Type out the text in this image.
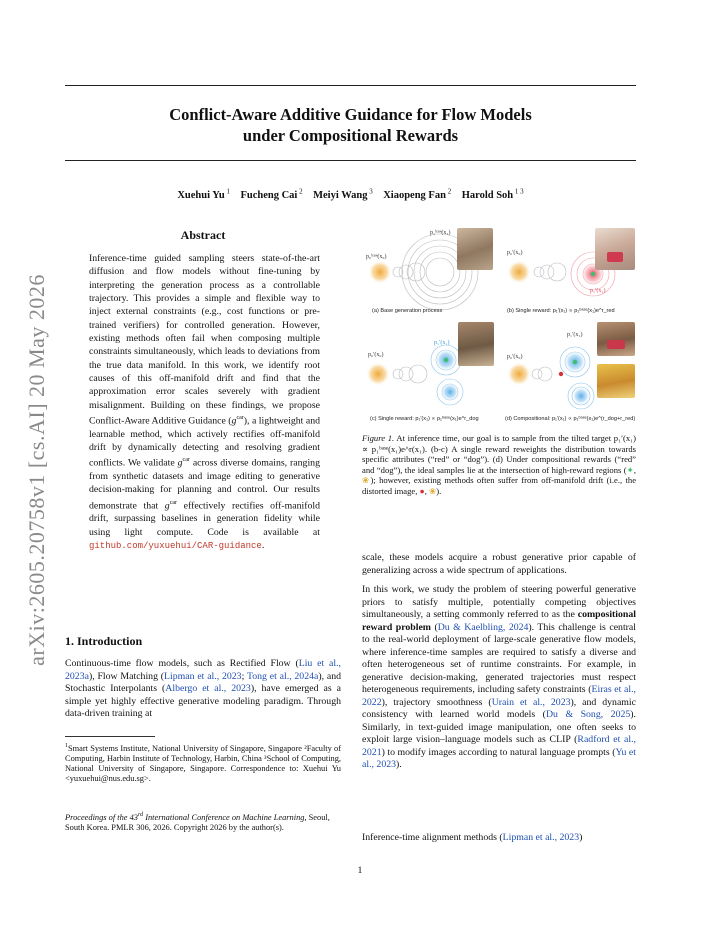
Conflict-Aware Additive Guidance for Flow Models
under Compositional Rewards
Xuehui Yu $^1$  Fucheng Cai $^2$  Meiyi Wang $^3$  Xiaopeng Fan $^2$  Harold Soh $^{1 3}$
arXiv:2605.20758v1 [cs.AI] 20 May 2026
Abstract
Inference-time guided sampling steers state-of-the-art diffusion and flow models without fine-tuning by interpreting the generation process as a controllable trajectory. This provides a simple and flexible way to inject external constraints (e.g., cost functions or pre-trained verifiers) for controlled generation. However, existing methods often fail when composing multiple constraints simultaneously, which leads to deviations from the true data manifold. In this work, we identify root causes of this off-manifold drift and find that the approximation error scales severely with gradient misalignment. Building on these findings, we propose Conflict-Aware Additive Guidance $(g^{car})$, a lightweight and learnable method, which actively rectifies off-manifold drift by dynamically detecting and resolving gradient conflicts. We validate $g^{car}$ across diverse domains, ranging from synthetic datasets and image editing to generative decision-making for planning and control. Our results demonstrate that $g^{car}$ effectively rectifies off-manifold drift, surpassing baselines in generation fidelity while using light compute. Code is available at github.com/yuxuehui/CAR-guidance.
1. Introduction
Continuous-time flow models, such as Rectified Flow (Liu et al., 2023a), Flow Matching (Lipman et al., 2023; Tong et al., 2024a), and Stochastic Interpolants (Albergo et al., 2023), have emerged as a simple yet highly effective generative modeling paradigm. Through data-driven training at
$^1$Smart Systems Institute, National University of Singapore, Singapore ²Faculty of Computing, Harbin Institute of Technology, Harbin, China ³School of Computing, National University of Singapore, Singapore. Correspondence to: Xuehui Yu <yuxuehui@nus.edu.sg>.
Proceedings of the 43rd International Conference on Machine Learning, Seoul, South Korea. PMLR 306, 2026. Copyright 2026 by the author(s).
scale, these models acquire a robust generative prior capable of generalizing across a wide spectrum of applications.
In this work, we study the problem of steering powerful generative priors to satisfy multiple, potentially competing objectives simultaneously, a setting commonly referred to as the compositional reward problem (Du & Kaelbling, 2024). This challenge is central to the real-world deployment of large-scale generative flow models, where inference-time samples are required to satisfy a diverse and often heterogeneous set of runtime constraints. For example, in generative decision-making, generated trajectories must respect heterogeneous requirements, including safety constraints (Eiras et al., 2022), trajectory smoothness (Urain et al., 2023), and dynamic consistency with learned world models (Du & Song, 2025). Similarly, in text-guided image manipulation, one often seeks to exploit large vision–language models such as CLIP (Radford et al., 2021) to modify images according to natural language prompts (Yu et al., 2023).
Inference-time alignment methods (Lipman et al., 2023)
p₀ᵇᵃˢᵉ(x₀)
p₁ᵇᵃˢᵉ(x₁)
(a) Base generation process
p₀′(x₀)
p₁′(x₁)
(b) Single reward: p₁′(x₁) ∝ p₁ᵇᵃˢᵉ(x₁)e^r_red
p₀′(x₀)
p₁′(x₁)
(c) Single reward: p₁′(x₁) ∝ p₁ᵇᵃˢᵉ(x₁)e^r_dog
p₀′(x₀)
p₁′(x₁)
(d) Compositional: p₁′(x₁) ∝ p₁ᵇᵃˢᵉ(x₁)e^(r_dog+r_red)
Figure 1. At inference time, our goal is to sample from the tilted target p₁′(x₁) ∝ p₁ᵇᵃˢᵉ(x₁)e^r(x₁). (b-c) A single reward reweights the distribution towards specific attributes (“red” or “dog”). (d) Under compositional rewards (“red” and “dog”), the ideal samples lie at the intersection of high-reward regions (✦, ❀); however, existing methods often suffer from off-manifold drift (i.e., the distorted image, ●, ❀).
1
